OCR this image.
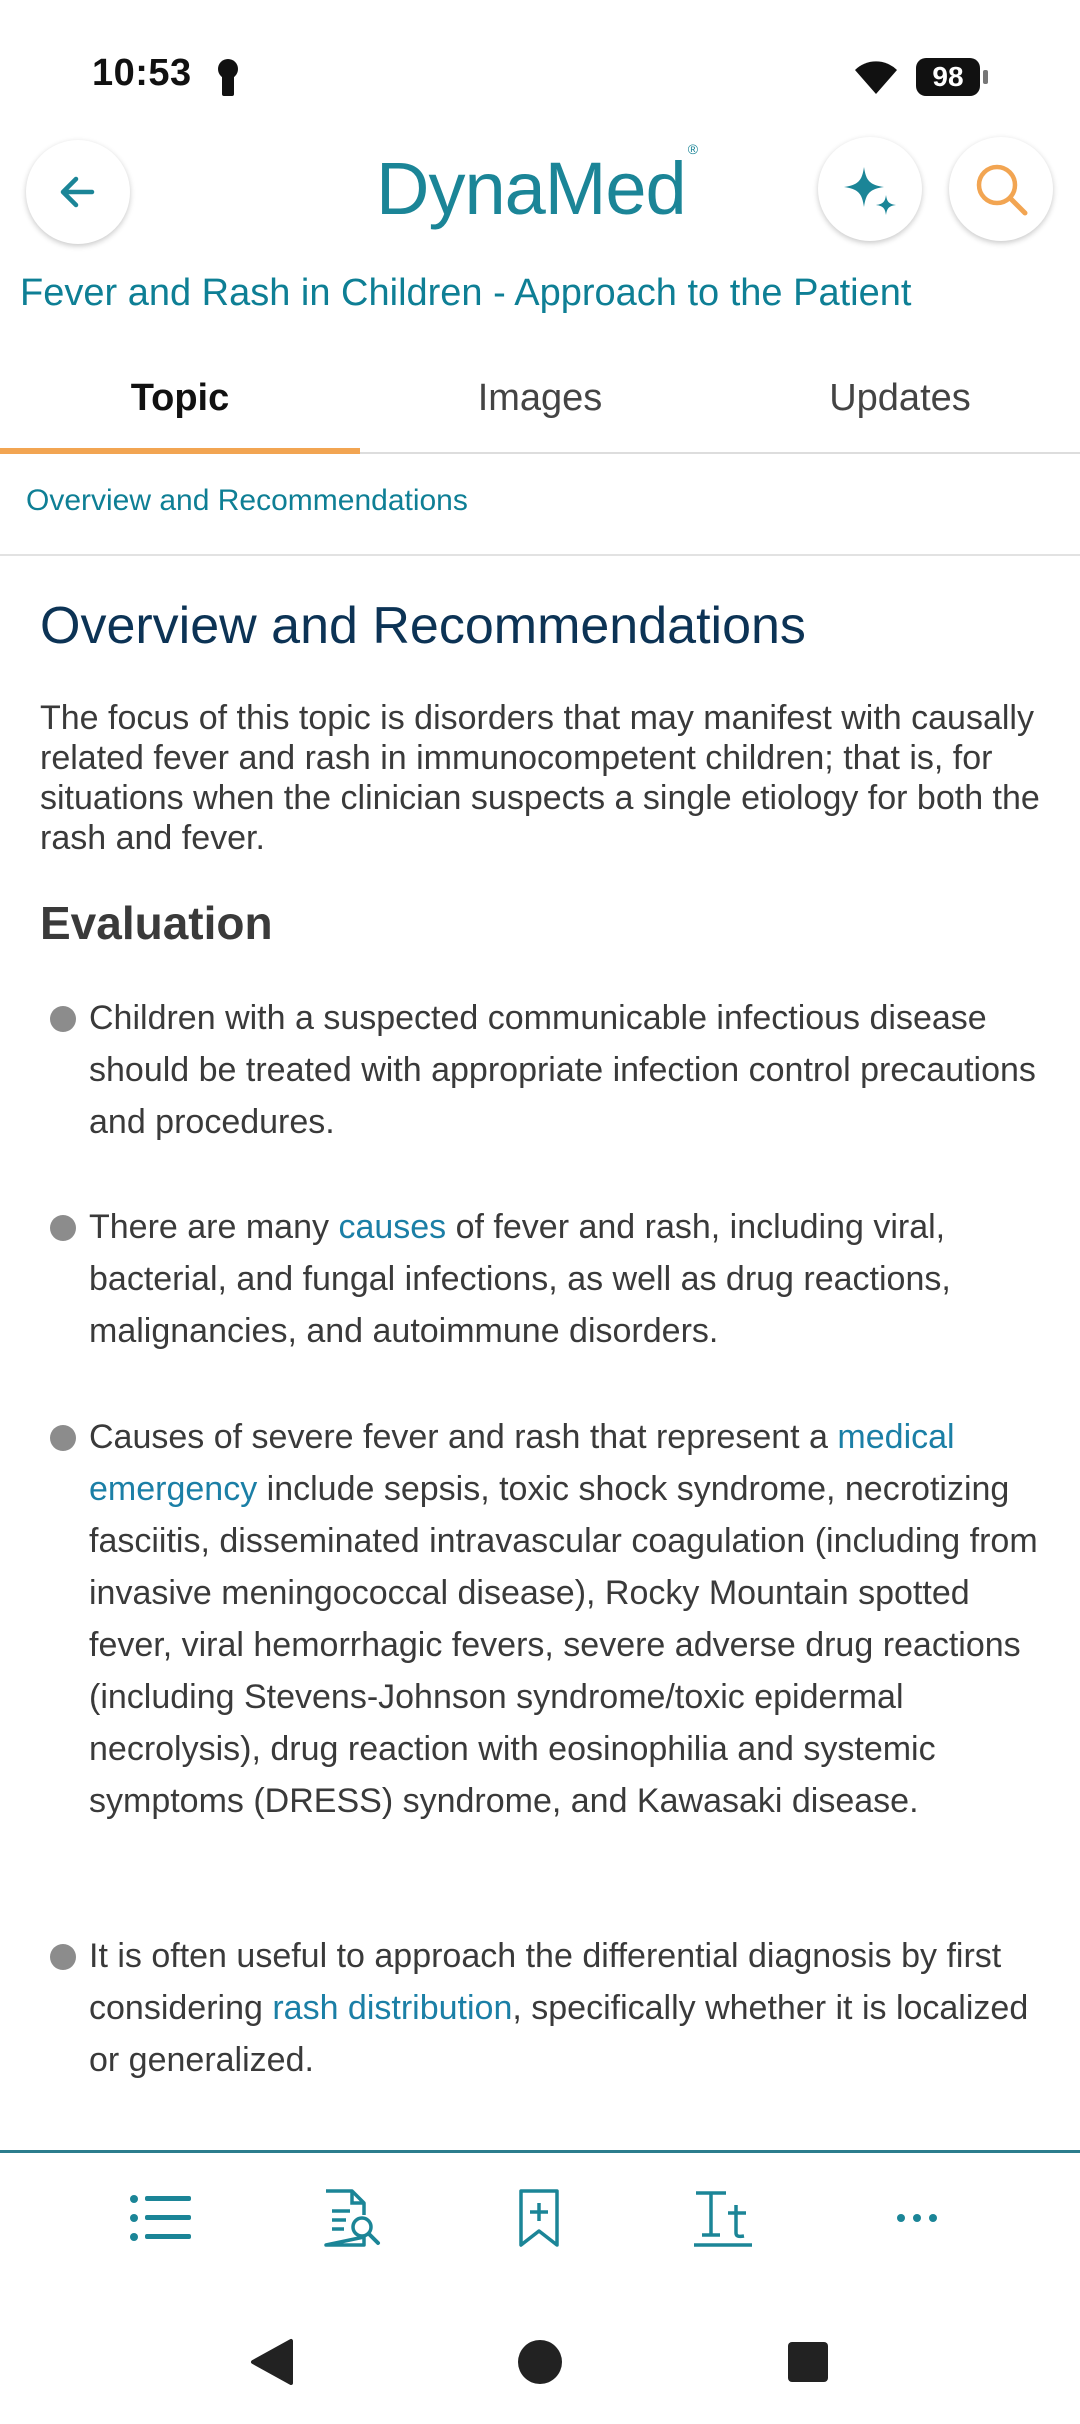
10:53	98
DynaMed ®
Fever and Rash in Children - Approach to the Patient
Topic	Images	Updates
Overview and Recommendations
Overview and Recommendations
The focus of this topic is disorders that may manifest with causally related fever and rash in immunocompetent children; that is, for situations when the clinician suspects a single etiology for both the rash and fever.
Evaluation
Children with a suspected communicable infectious disease should be treated with appropriate infection control precautions and procedures.
There are many causes of fever and rash, including viral, bacterial, and fungal infections, as well as drug reactions, malignancies, and autoimmune disorders.
Causes of severe fever and rash that represent a medical emergency include sepsis, toxic shock syndrome, necrotizing fasciitis, disseminated intravascular coagulation (including from invasive meningococcal disease), Rocky Mountain spotted fever, viral hemorrhagic fevers, severe adverse drug reactions (including Stevens-Johnson syndrome/toxic epidermal necrolysis), drug reaction with eosinophilia and systemic symptoms (DRESS) syndrome, and Kawasaki disease.
It is often useful to approach the differential diagnosis by first considering rash distribution, specifically whether it is localized or generalized.
